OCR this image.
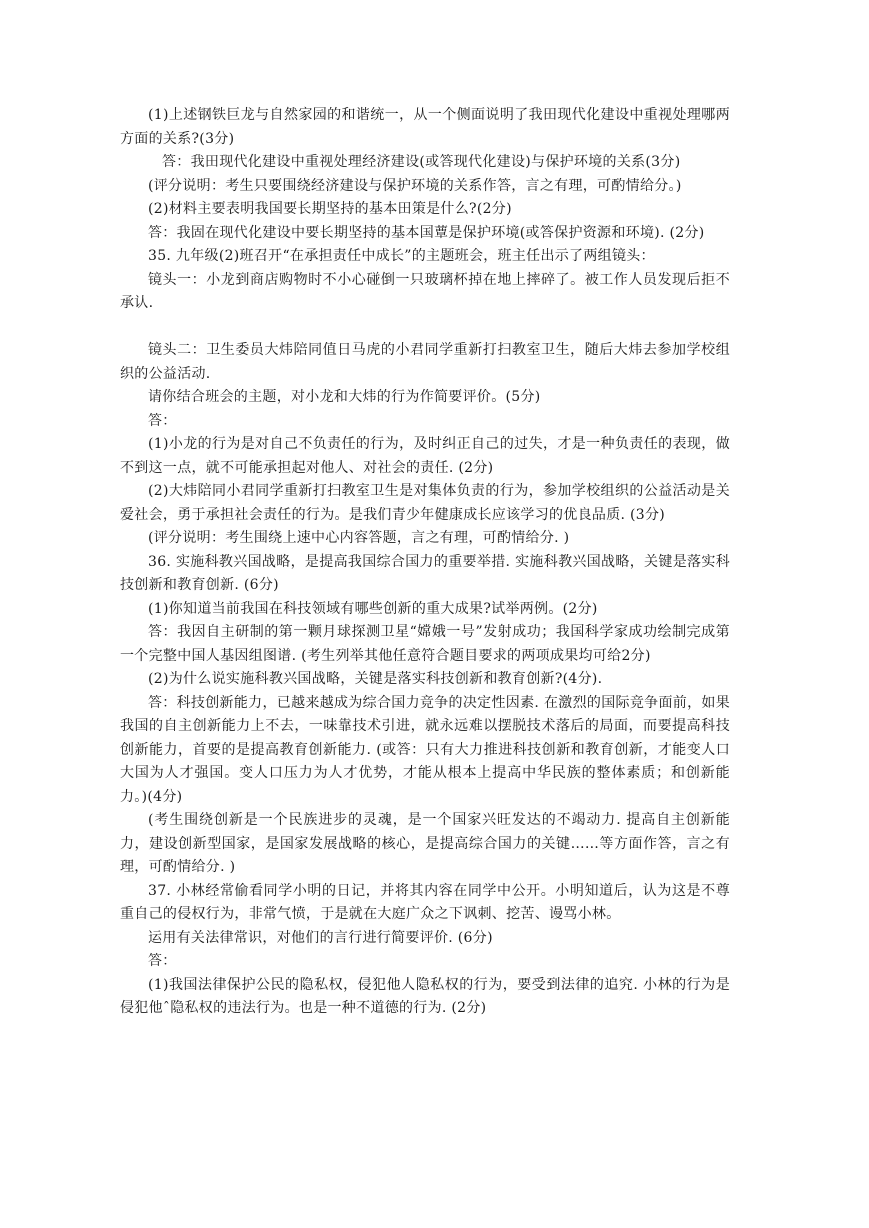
(1)上述钢铁巨龙与自然家园的和谐统一，从一个侧面说明了我田现代化建设中重视处理哪两方面的关系?(3分)

答：我田现代化建设中重视处理经济建设(或答现代化建设)与保护环境的关系(3分)

(评分说明：考生只要围绕经济建设与保护环境的关系作答，言之有理，可酌情给分。)

(2)材料主要表明我国要长期坚持的基本田策是什么?(2分)

答：我固在现代化建设中要长期坚持的基本国蕈是保护环境(或答保护资源和环境). (2分)

35. 九年级(2)班召开“在承担责任中成长”的主题班会，班主任出示了两组镜头：

镜头一：小龙到商店购物时不小心碰倒一只玻璃杯掉在地上摔碎了。被工作人员发现后拒不承认.

镜头二：卫生委员大炜陪同值日马虎的小君同学重新打扫教室卫生，随后大炜去参加学校组织的公益活动.

请你结合班会的主题，对小龙和大炜的行为作简要评价。(5分)

答：

(1)小龙的行为是对自己不负责任的行为，及时纠正自己的过失，才是一种负责任的表现，做不到这一点，就不可能承担起对他人、对社会的责任. (2分)

(2)大炜陪同小君同学重新打扫教室卫生是对集体负责的行为，参加学校组织的公益活动是关爱社会，勇于承担社会责任的行为。是我们青少年健康成长应该学习的优良品质. (3分)

(评分说明：考生围绕上速中心内容答题，言之有理，可酌情给分. )

36. 实施科教兴国战略，是提高我国综合国力的重要举措. 实施科教兴国战略，关键是落实科技创新和教育创新. (6分)

(1)你知道当前我国在科技领域有哪些创新的重大成果?试举两例。(2分)

答：我因自主研制的第一颗月球探测卫星“嫦娥一号”发射成功；我国科学家成功绘制完成第一个完整中国人基因组图谱. (考生列举其他任意符合题目要求的两项成果均可给2分)

(2)为什么说实施科教兴国战略，关键是落实科技创新和教育创新?(4分).

答：科技创新能力，已越来越成为综合国力竞争的决定性因素. 在激烈的国际竞争面前，如果我国的自主创新能力上不去，一味靠技术引进，就永远难以摆脱技术落后的局面，而要提高科技创新能力，首要的是提高教育创新能力. (或答：只有大力推进科技创新和教育创新，才能变人口大国为人才强国。变人口压力为人才优势，才能从根本上提高中华民族的整体素质；和创新能力。)(4分)

(考生围绕创新是一个民族进步的灵魂，是一个国家兴旺发达的不竭动力. 提高自主创新能力，建设创新型国家，是国家发展战略的核心，是提高综合国力的关键……等方面作答，言之有理，可酌情给分. )

37. 小林经常偷看同学小明的日记，并将其内容在同学中公开。小明知道后，认为这是不尊重自己的侵权行为，非常气愤，于是就在大庭广众之下讽刺、挖苦、谩骂小林。

运用有关法律常识，对他们的言行进行简要评价. (6分)

答：

(1)我国法律保护公民的隐私权，侵犯他人隐私权的行为，要受到法律的追究. 小林的行为是侵犯他ˆ隐私权的违法行为。也是一种不道德的行为. (2分)
